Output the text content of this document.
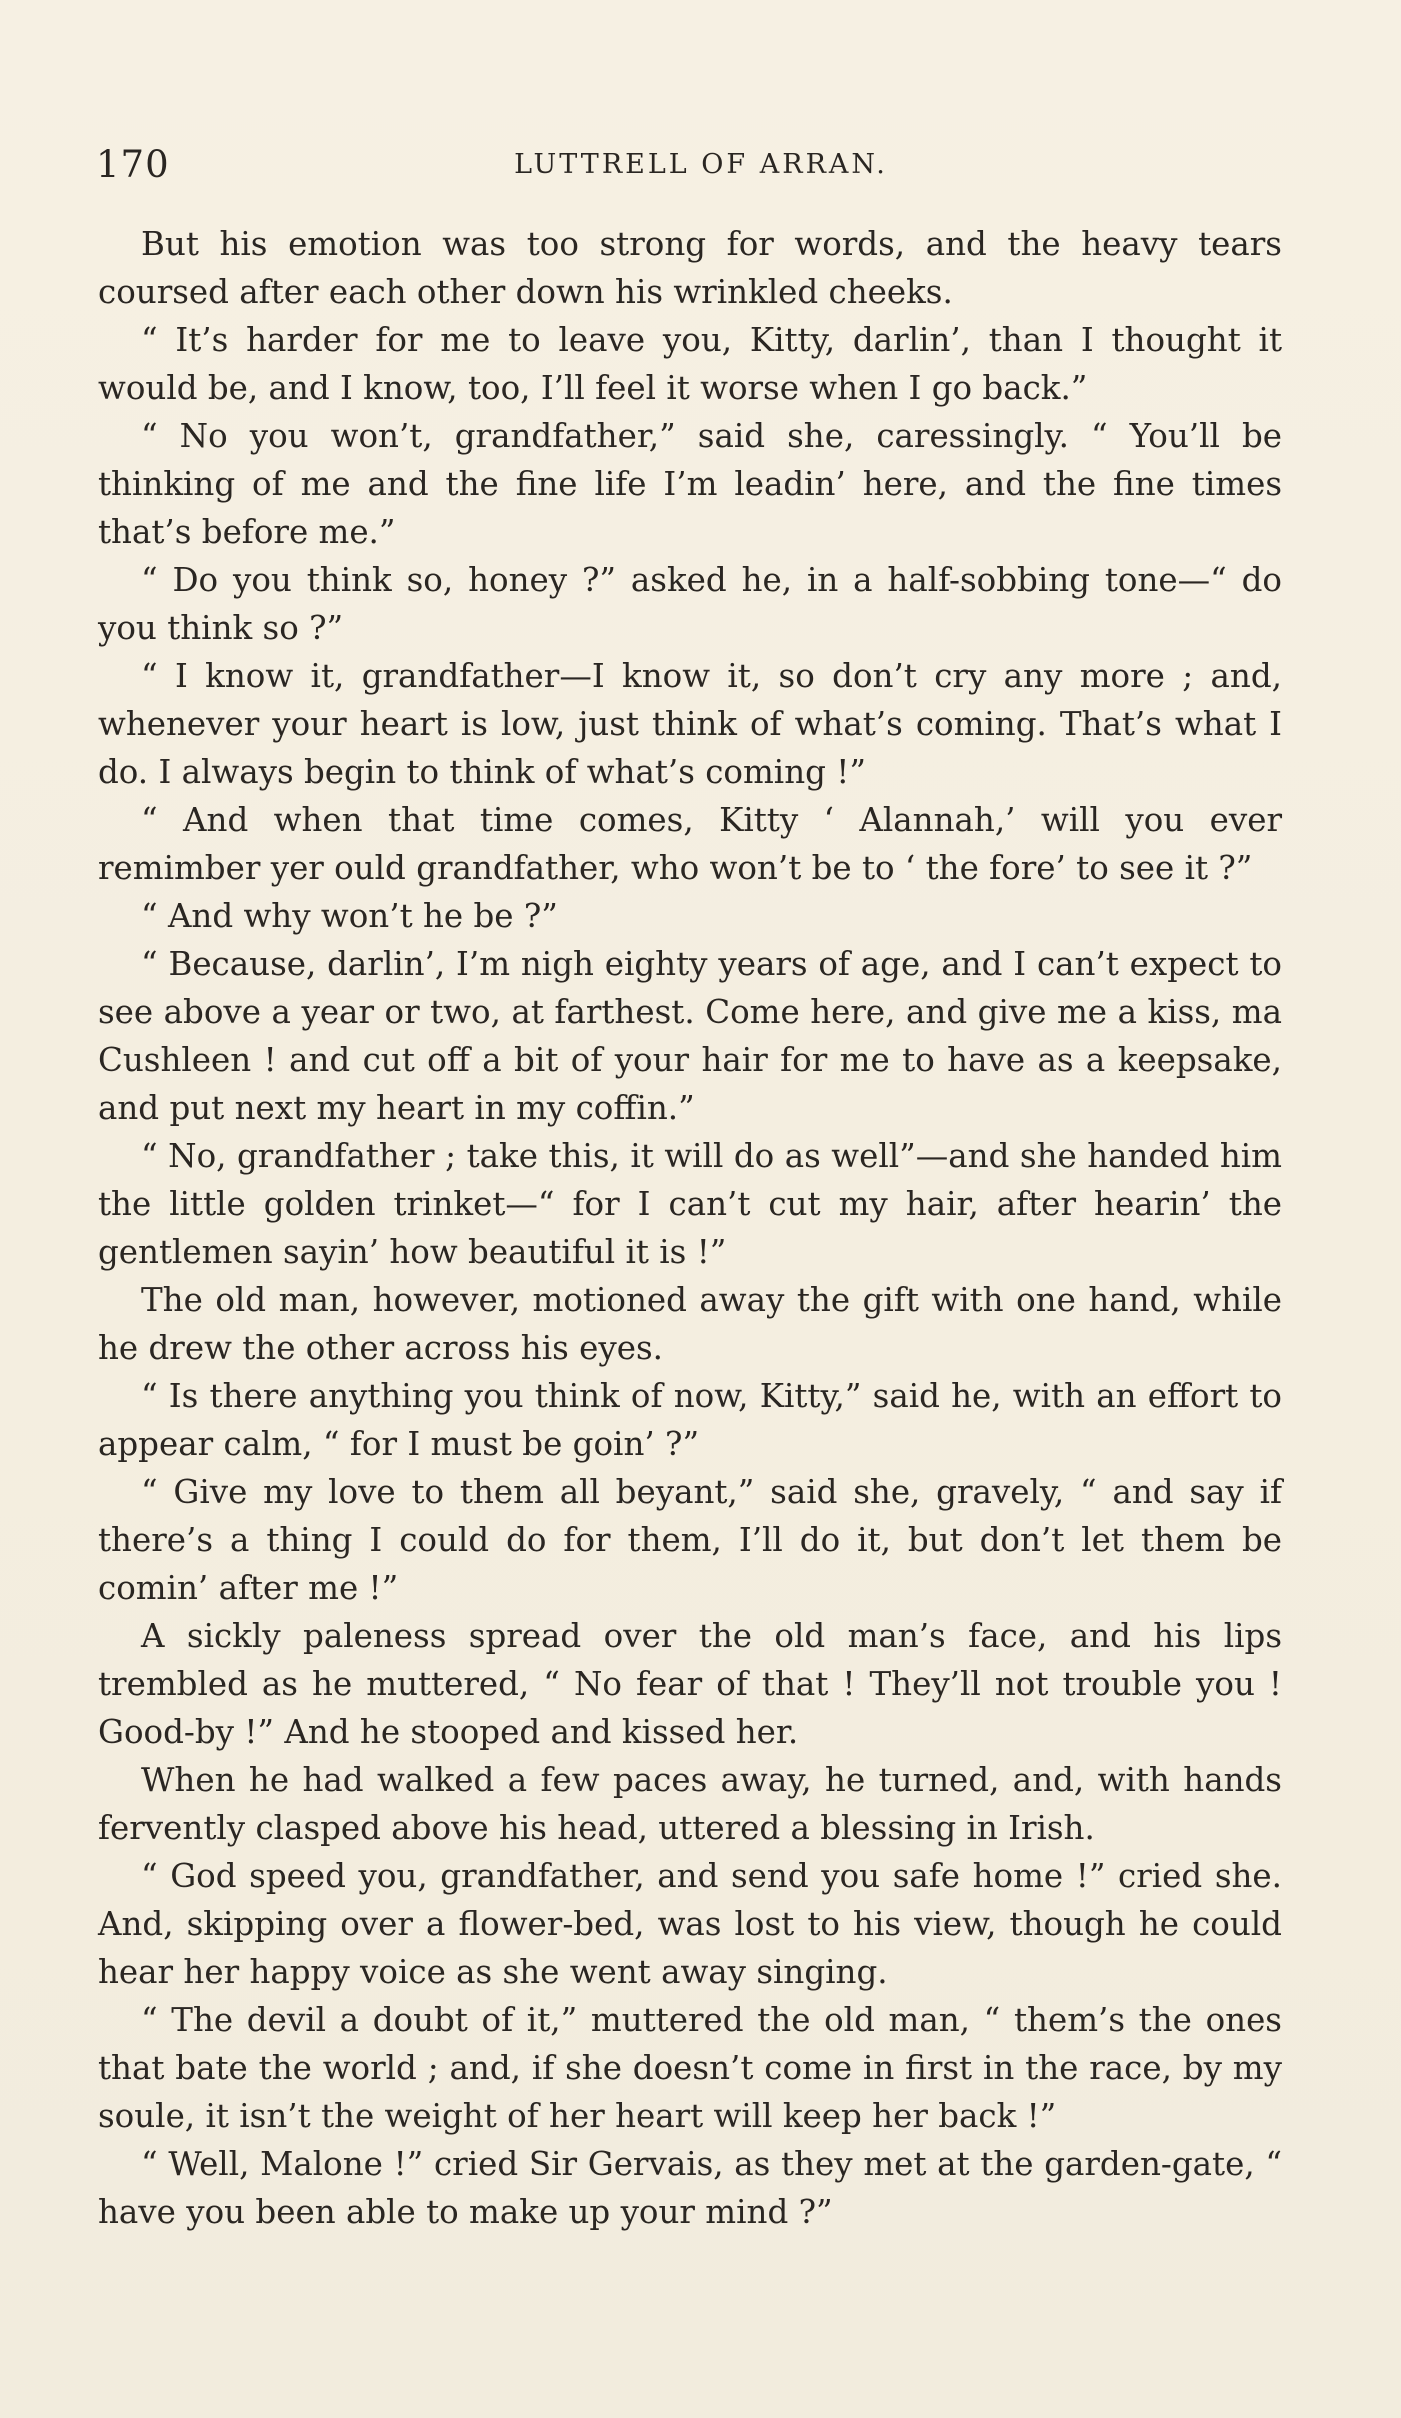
170	LUTTRELL OF ARRAN.

But his emotion was too strong for words, and the heavy tears coursed after each other down his wrinkled cheeks.

“ It’s harder for me to leave you, Kitty, darlin’, than I thought it would be, and I know, too, I’ll feel it worse when I go back.”

“ No you won’t, grandfather,” said she, caressingly. “ You’ll be thinking of me and the fine life I’m leadin’ here, and the fine times that’s before me.”

“ Do you think so, honey ?” asked he, in a half-sobbing tone—“ do you think so ?”

“ I know it, grandfather—I know it, so don’t cry any more ; and, whenever your heart is low, just think of what’s coming. That’s what I do. I always begin to think of what’s coming !”

“ And when that time comes, Kitty ‘ Alannah,’ will you ever remimber yer ould grandfather, who won’t be to ‘ the fore’ to see it ?”

“ And why won’t he be ?”

“ Because, darlin’, I’m nigh eighty years of age, and I can’t expect to see above a year or two, at farthest. Come here, and give me a kiss, ma Cushleen ! and cut off a bit of your hair for me to have as a keepsake, and put next my heart in my coffin.”

“ No, grandfather ; take this, it will do as well”—and she handed him the little golden trinket—“ for I can’t cut my hair, after hearin’ the gentlemen sayin’ how beautiful it is !”

The old man, however, motioned away the gift with one hand, while he drew the other across his eyes.

“ Is there anything you think of now, Kitty,” said he, with an effort to appear calm, “ for I must be goin’ ?”

“ Give my love to them all beyant,” said she, gravely, “ and say if there’s a thing I could do for them, I’ll do it, but don’t let them be comin’ after me !”

A sickly paleness spread over the old man’s face, and his lips trembled as he muttered, “ No fear of that ! They’ll not trouble you ! Good-by !” And he stooped and kissed her.

When he had walked a few paces away, he turned, and, with hands fervently clasped above his head, uttered a blessing in Irish.

“ God speed you, grandfather, and send you safe home !” cried she. And, skipping over a flower-bed, was lost to his view, though he could hear her happy voice as she went away singing.

“ The devil a doubt of it,” muttered the old man, “ them’s the ones that bate the world ; and, if she doesn’t come in first in the race, by my soule, it isn’t the weight of her heart will keep her back !”

“ Well, Malone !” cried Sir Gervais, as they met at the garden-gate, “ have you been able to make up your mind ?”
